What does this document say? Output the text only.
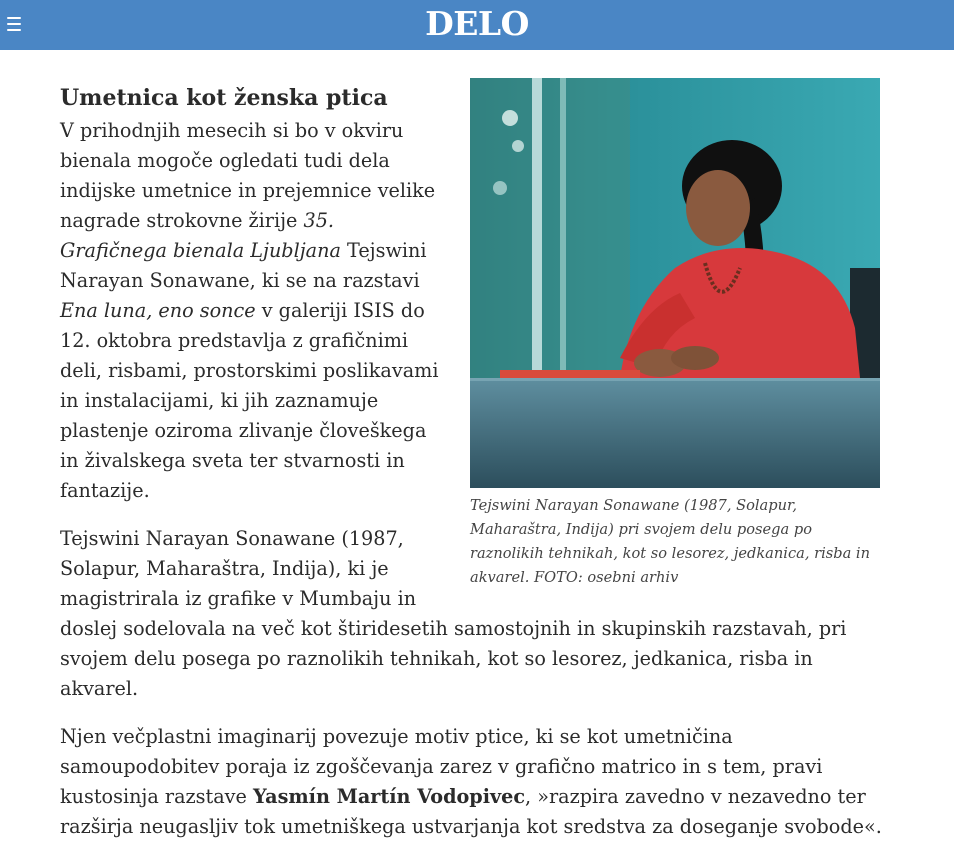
DELO
Tejswini Narayan Sonawane (1987, Solapur, Maharaštra, Indija) pri svojem delu posega po raznolikih tehnikah, kot so lesorez, jedkanica, risba in akvarel. FOTO: osebni arhiv
Umetnica kot ženska ptica

V prihodnjih mesecih si bo v okviru bienala mogoče ogledati tudi dela indijske umetnice in prejemnice velike nagrade strokovne žirije 35. Grafičnega bienala Ljubljana Tejswini Narayan Sonawane, ki se na razstavi Ena luna, eno sonce v galeriji ISIS do 12. oktobra predstavlja z grafičnimi deli, risbami, prostorskimi poslikavami in instalacijami, ki jih zaznamuje plastenje oziroma zlivanje človeškega in živalskega sveta ter stvarnosti in fantazije.

Tejswini Narayan Sonawane (1987, Solapur, Maharaštra, Indija), ki je magistrirala iz grafike v Mumbaju in doslej sodelovala na več kot štiridesetih samostojnih in skupinskih razstavah, pri svojem delu posega po raznolikih tehnikah, kot so lesorez, jedkanica, risba in akvarel.

Njen večplastni imaginarij povezuje motiv ptice, ki se kot umetničina samoupodobitev poraja iz zgoščevanja zarez v grafično matrico in s tem, pravi kustosinja razstave Yasmín Martín Vodopivec, »razpira zavedno v nezavedno ter razširja neugasljiv tok umetniškega ustvarjanja kot sredstva za doseganje svobode«.
